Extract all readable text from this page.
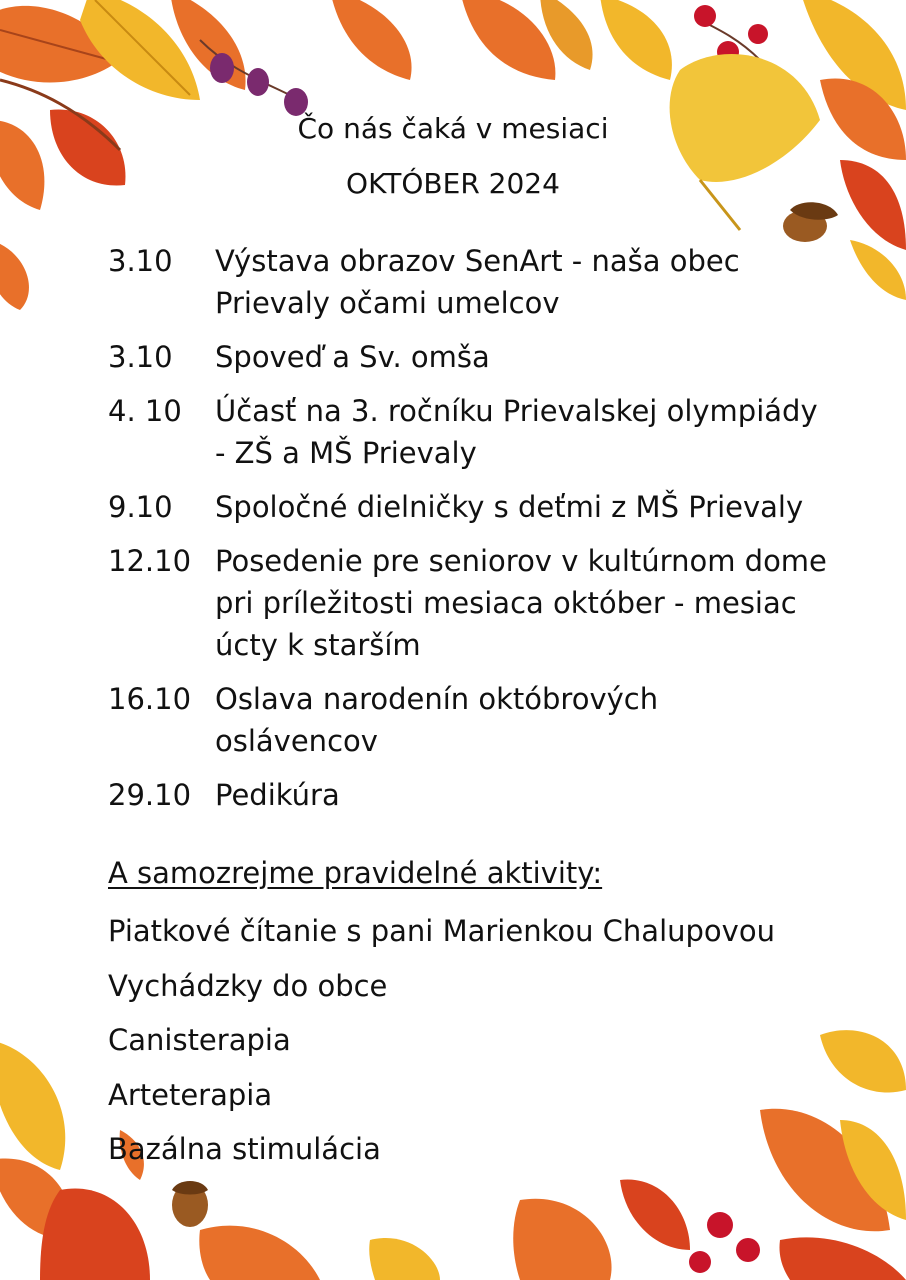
Čo nás čaká v mesiaci
OKTÓBER 2024
3.10	Výstava obrazov SenArt - naša obec Prievaly očami umelcov
3.10	Spoveď a Sv. omša
4. 10	Účasť na 3. ročníku Prievalskej olympiády - ZŠ a MŠ Prievaly
9.10	Spoločné dielničky s deťmi z MŠ Prievaly
12.10 Posedenie pre seniorov v kultúrnom dome pri príležitosti mesiaca október - mesiac úcty k starším
16.10 Oslava narodenín októbrových oslávencov
29.10 Pedikúra
A samozrejme pravidelné aktivity:
Piatkové čítanie s pani Marienkou Chalupovou
Vychádzky do obce
Canisterapia
Arteterapia
Bazálna stimulácia
